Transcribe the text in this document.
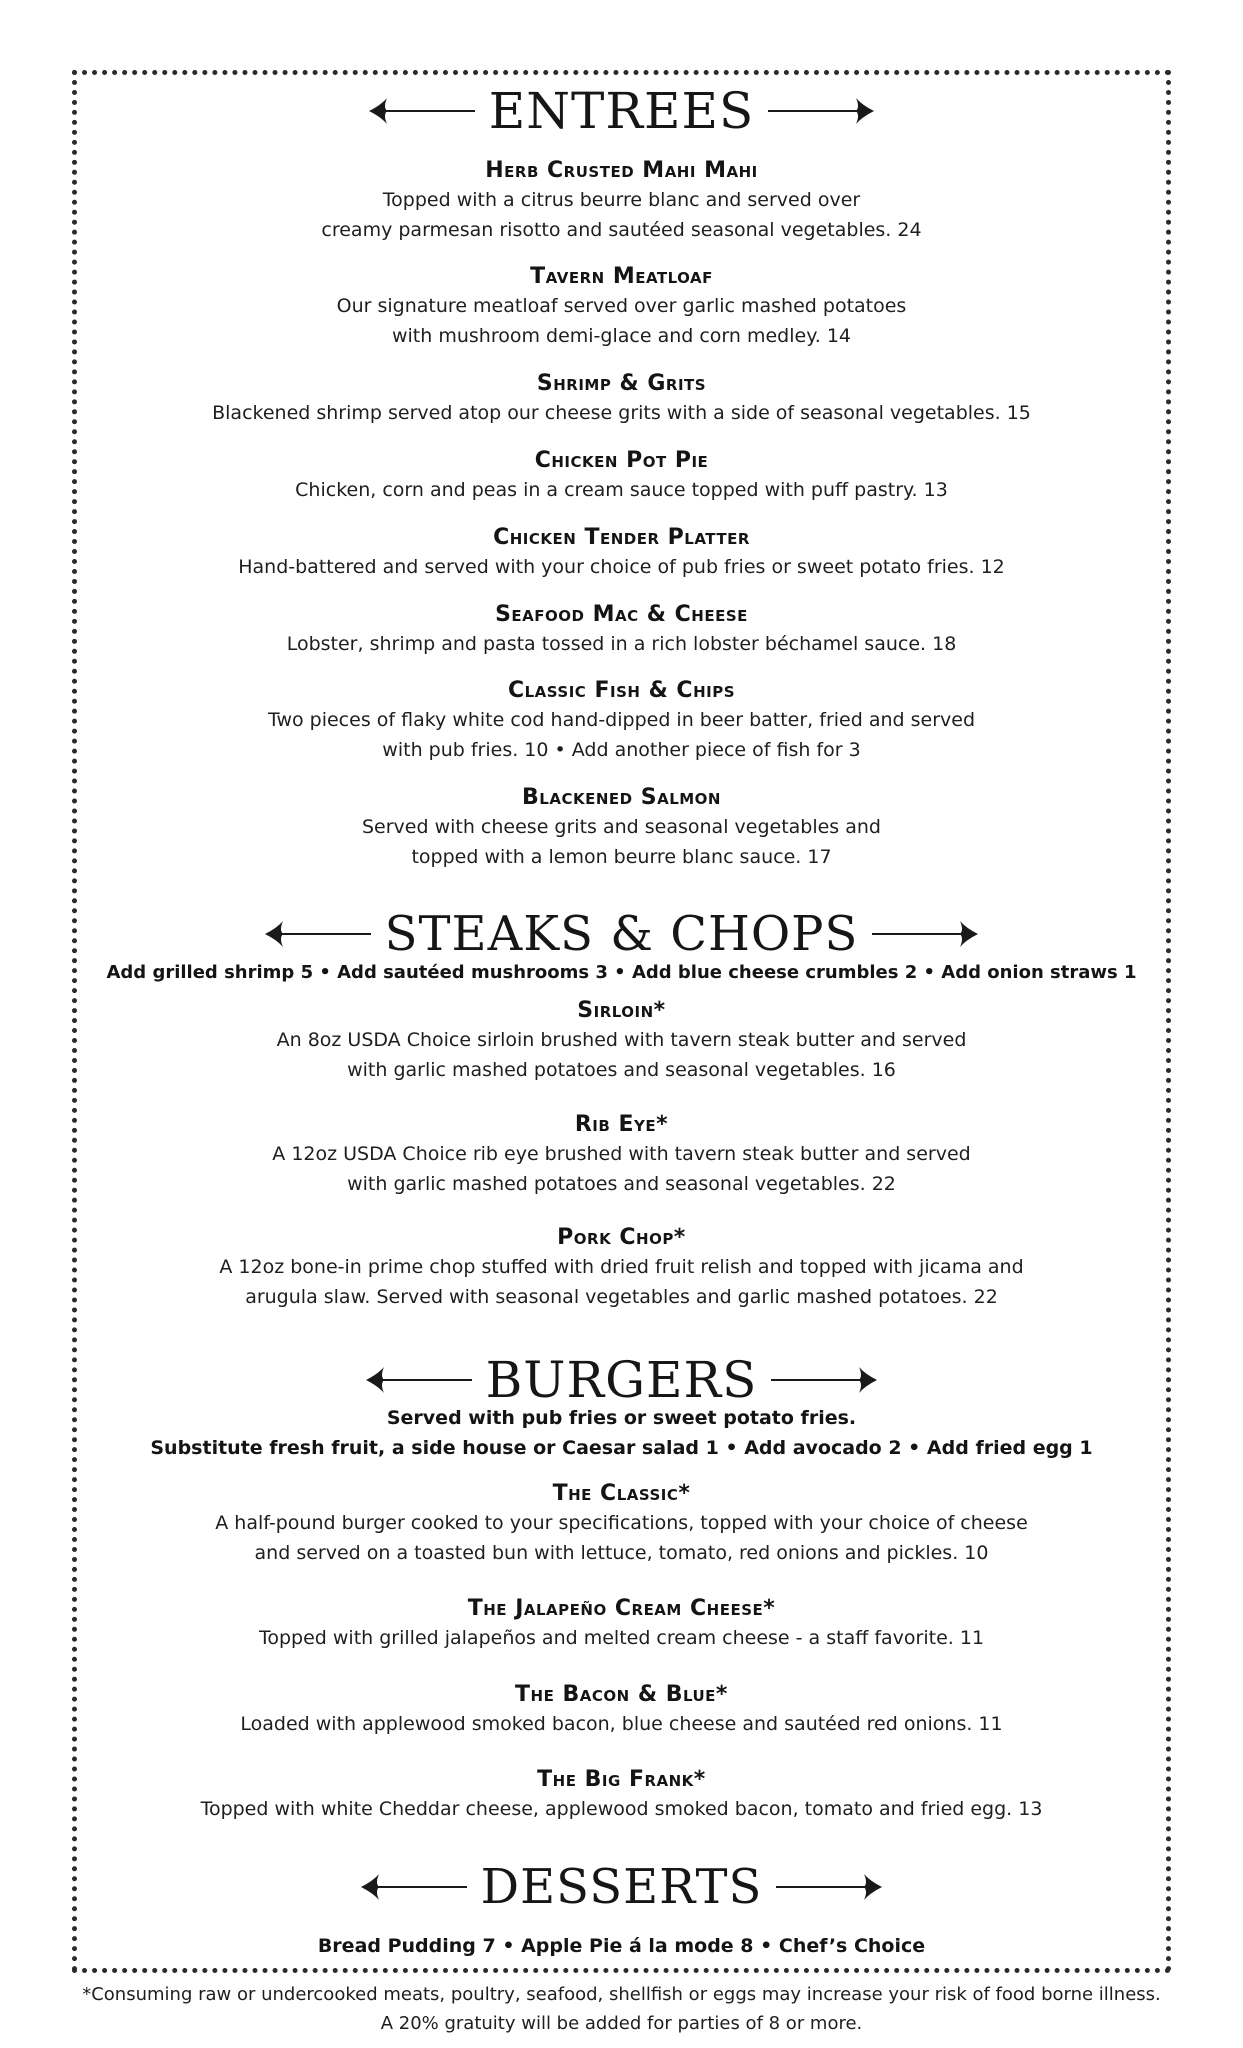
ENTREES
Herb Crusted Mahi Mahi
Topped with a citrus beurre blanc and served over
creamy parmesan risotto and sautéed seasonal vegetables. 24
Tavern Meatloaf
Our signature meatloaf served over garlic mashed potatoes
with mushroom demi-glace and corn medley. 14
Shrimp & Grits
Blackened shrimp served atop our cheese grits with a side of seasonal vegetables. 15
Chicken Pot Pie
Chicken, corn and peas in a cream sauce topped with puff pastry. 13
Chicken Tender Platter
Hand-battered and served with your choice of pub fries or sweet potato fries. 12
Seafood Mac & Cheese
Lobster, shrimp and pasta tossed in a rich lobster béchamel sauce. 18
Classic Fish & Chips
Two pieces of flaky white cod hand-dipped in beer batter, fried and served
with pub fries. 10 • Add another piece of fish for 3
Blackened Salmon
Served with cheese grits and seasonal vegetables and
topped with a lemon beurre blanc sauce. 17
STEAKS & CHOPS
Add grilled shrimp 5 • Add sautéed mushrooms 3 • Add blue cheese crumbles 2 • Add onion straws 1
Sirloin*
An 8oz USDA Choice sirloin brushed with tavern steak butter and served
with garlic mashed potatoes and seasonal vegetables. 16
Rib Eye*
A 12oz USDA Choice rib eye brushed with tavern steak butter and served
with garlic mashed potatoes and seasonal vegetables. 22
Pork Chop*
A 12oz bone-in prime chop stuffed with dried fruit relish and topped with jicama and
arugula slaw. Served with seasonal vegetables and garlic mashed potatoes. 22
BURGERS
Served with pub fries or sweet potato fries.
Substitute fresh fruit, a side house or Caesar salad 1 • Add avocado 2 • Add fried egg 1
The Classic*
A half-pound burger cooked to your specifications, topped with your choice of cheese
and served on a toasted bun with lettuce, tomato, red onions and pickles. 10
The Jalapeño Cream Cheese*
Topped with grilled jalapeños and melted cream cheese - a staff favorite. 11
The Bacon & Blue*
Loaded with applewood smoked bacon, blue cheese and sautéed red onions. 11
The Big Frank*
Topped with white Cheddar cheese, applewood smoked bacon, tomato and fried egg. 13
DESSERTS
Bread Pudding 7 • Apple Pie á la mode 8 • Chef’s Choice
*Consuming raw or undercooked meats, poultry, seafood, shellfish or eggs may increase your risk of food borne illness.
A 20% gratuity will be added for parties of 8 or more.
